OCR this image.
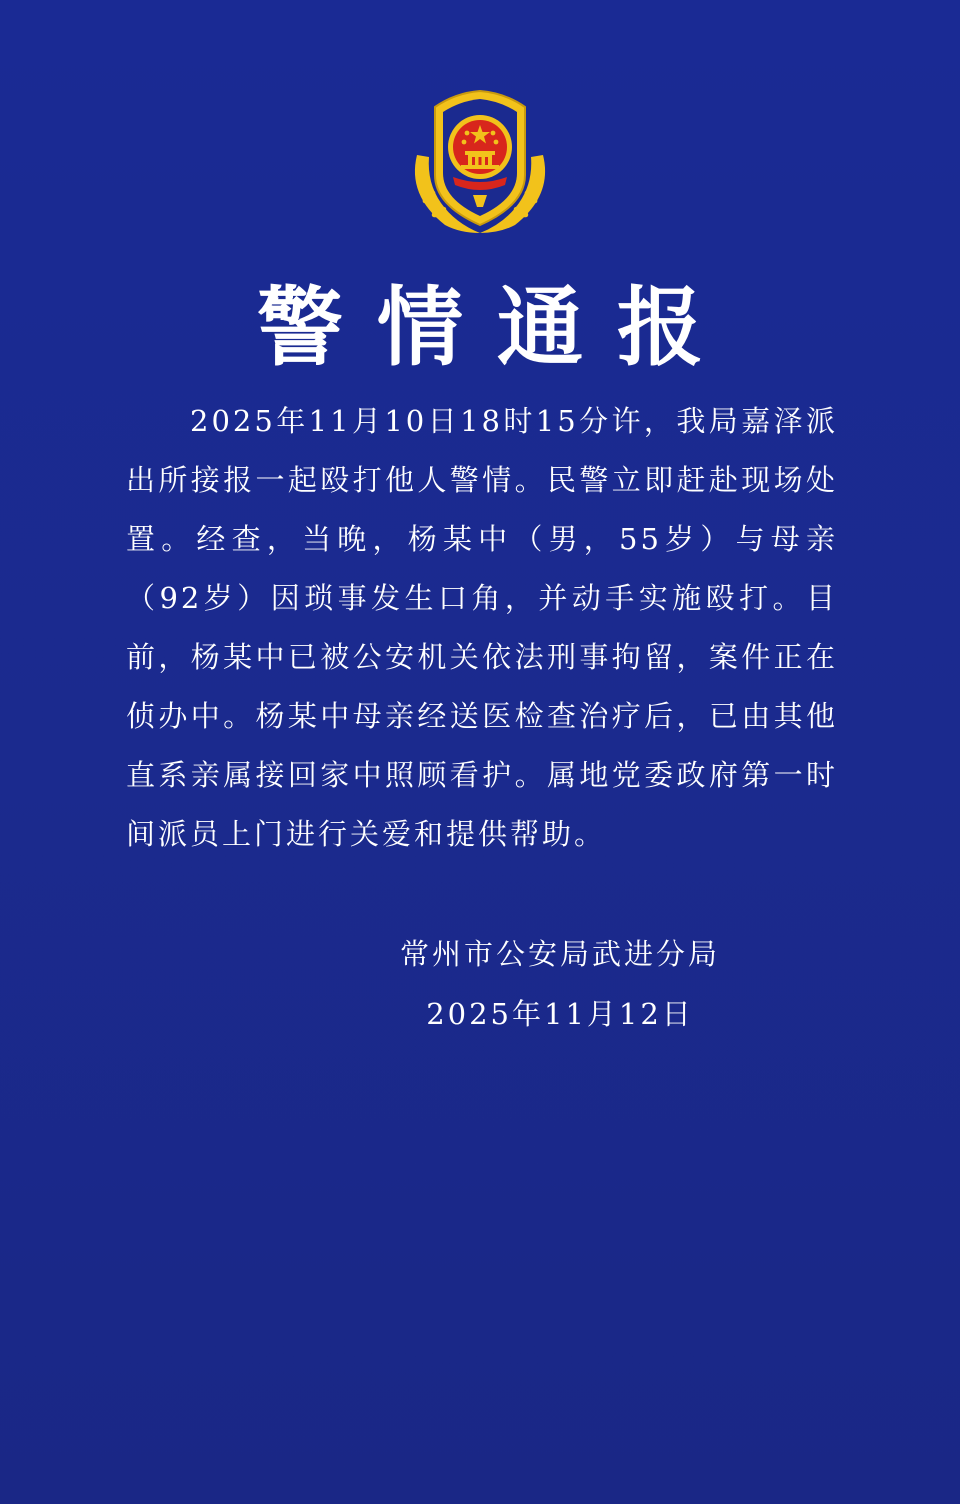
警情通报
2025年11月10日18时15分许，我局嘉泽派出所接报一起殴打他人警情。民警立即赶赴现场处置。经查，当晚，杨某中（男，55岁）与母亲（92岁）因琐事发生口角，并动手实施殴打。目前，杨某中已被公安机关依法刑事拘留，案件正在侦办中。杨某中母亲经送医检查治疗后，已由其他直系亲属接回家中照顾看护。属地党委政府第一时间派员上门进行关爱和提供帮助。
常州市公安局武进分局
2025年11月12日
